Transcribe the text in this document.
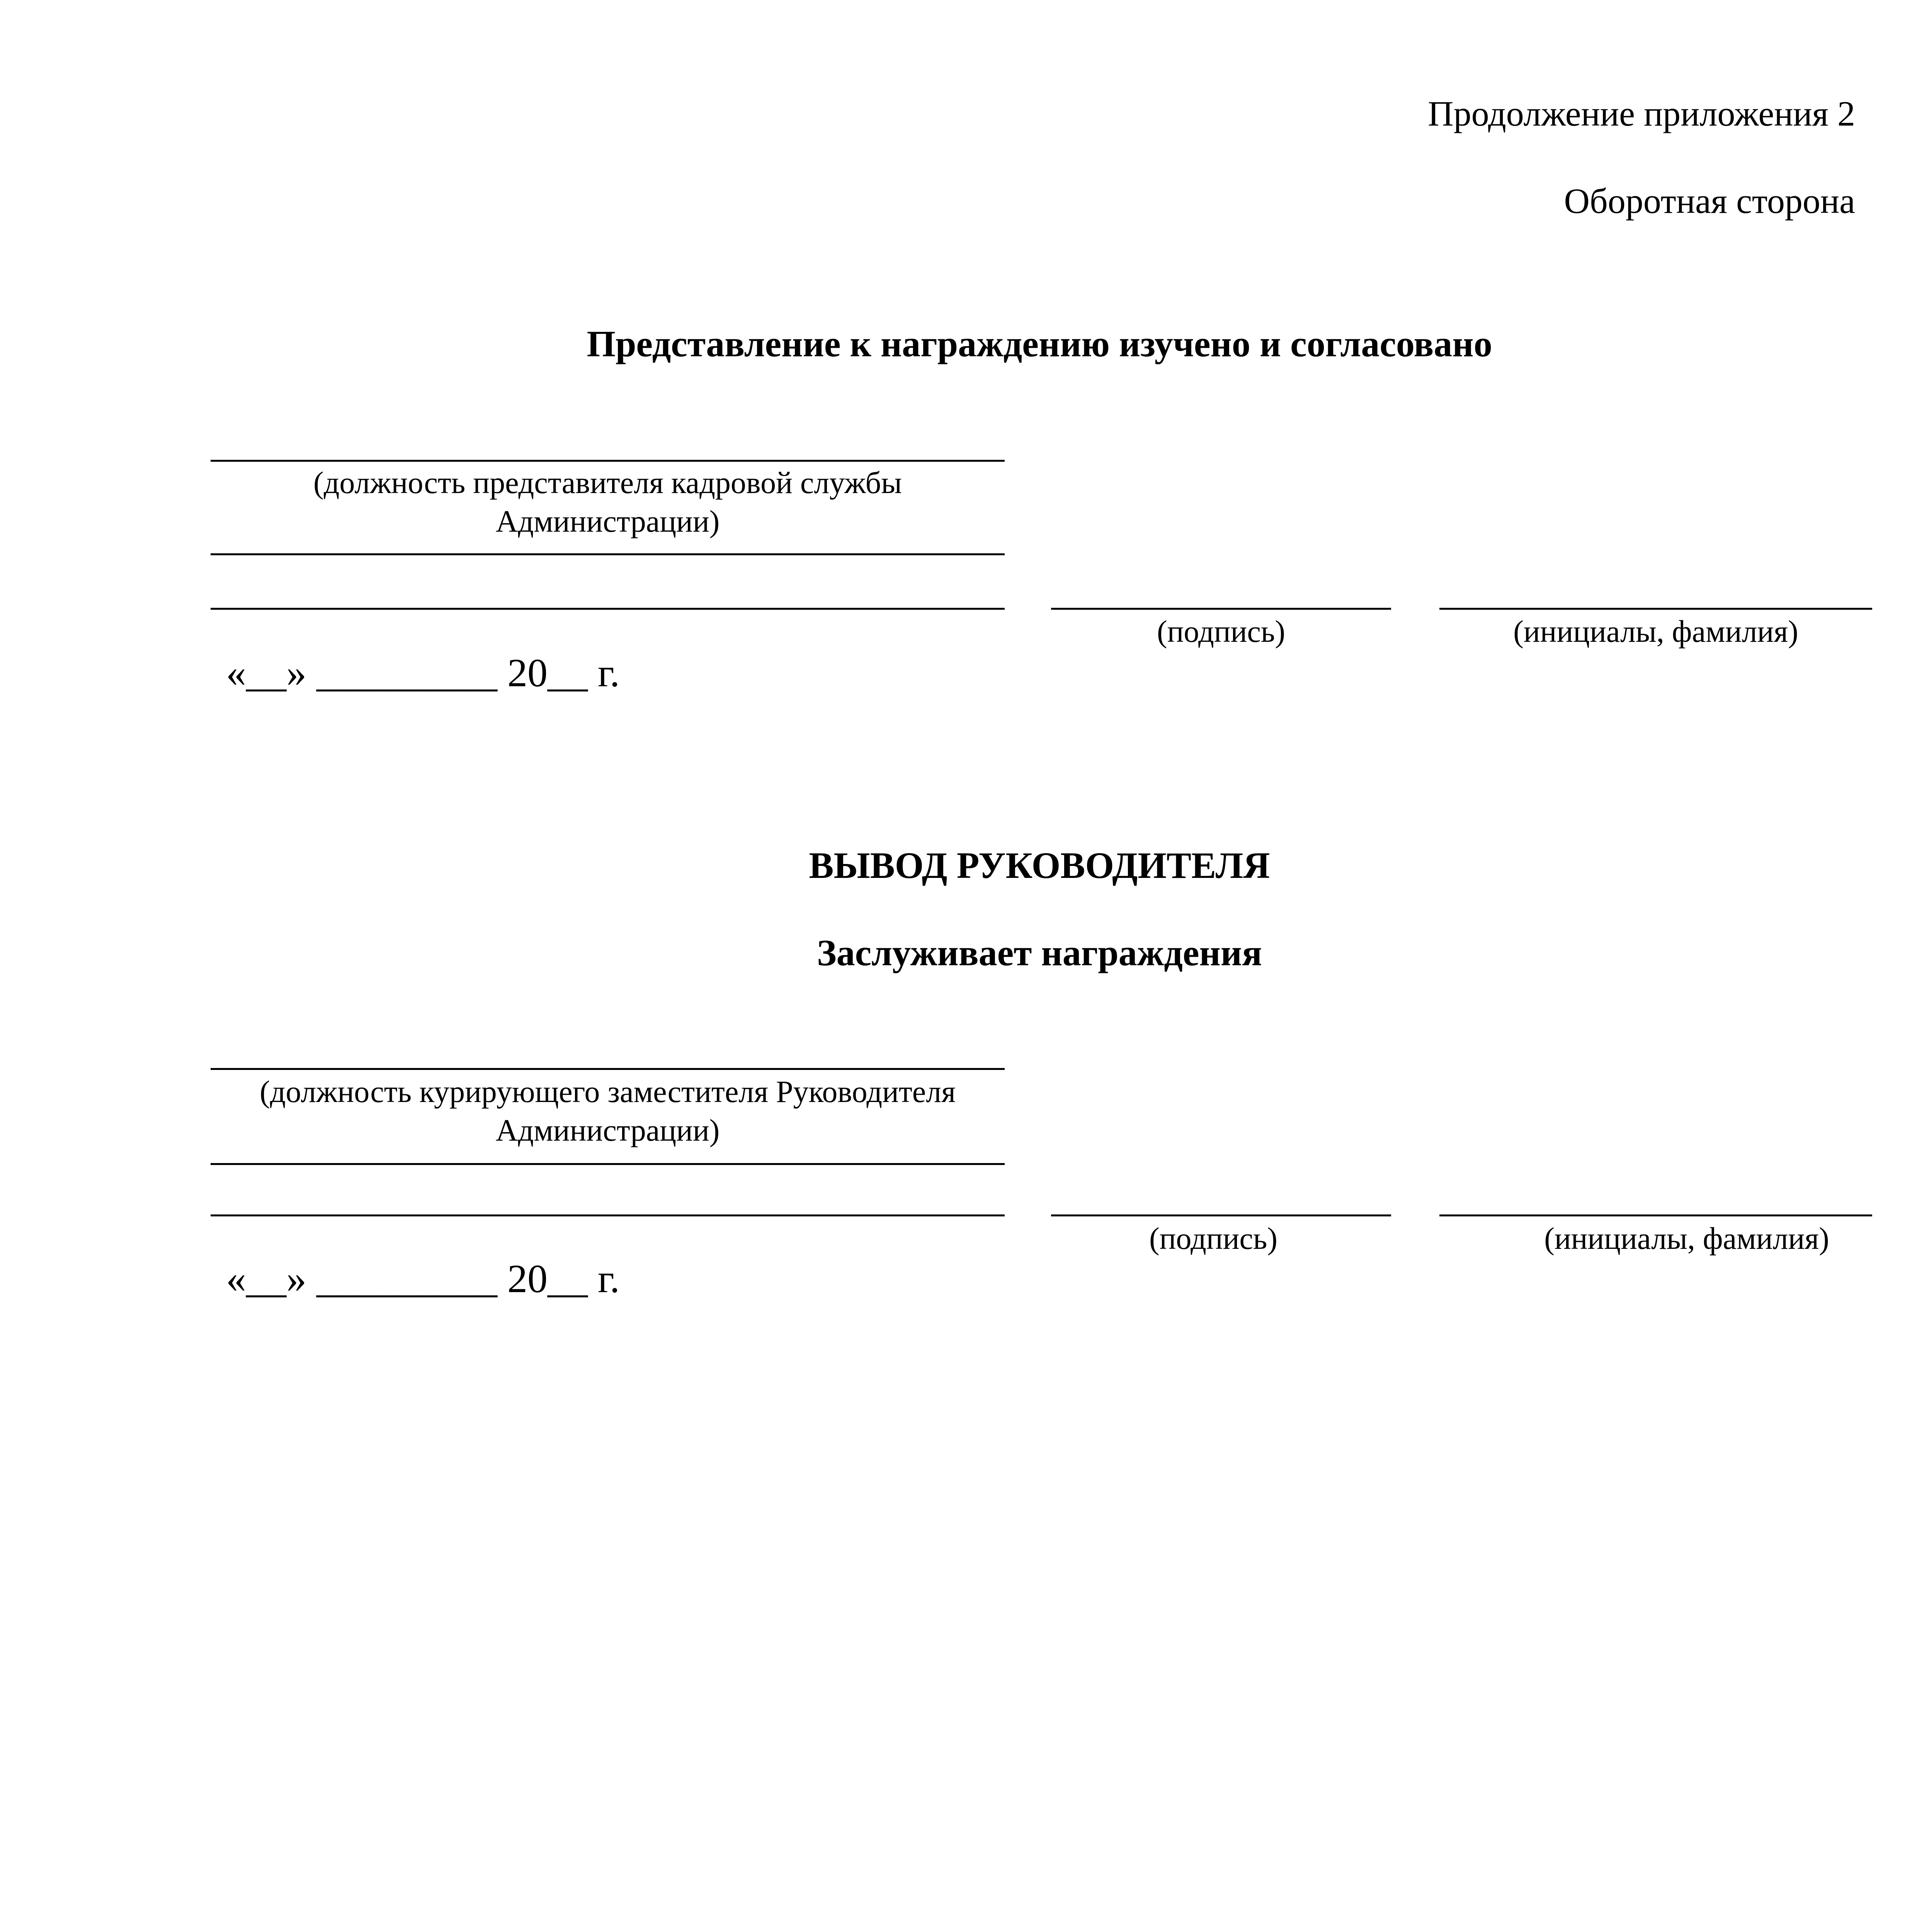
Продолжение приложения 2
Оборотная сторона
Представление к награждению изучено и согласовано
(должность представителя кадровой службы
Администрации)
(подпись)	(инициалы, фамилия)
«__» _________ 20__ г.
ВЫВОД РУКОВОДИТЕЛЯ
Заслуживает награждения
(должность курирующего заместителя Руководителя
Администрации)
(подпись)	(инициалы, фамилия)
«__» _________ 20__ г.
